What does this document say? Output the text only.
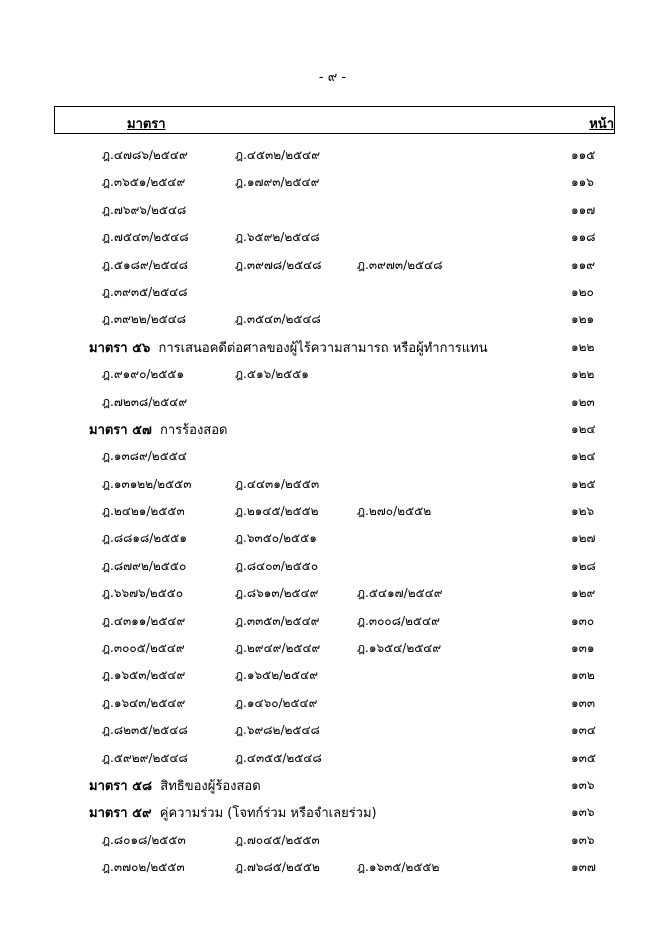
- ๙ -
มาตรา	หน้า
ฎ.๔๗๘๖/๒๕๔๙	ฎ.๔๕๓๒/๒๕๔๙	๑๑๕
ฎ.๓๖๕๑/๒๕๔๙	ฎ.๑๗๙๓/๒๕๔๙	๑๑๖
ฎ.๗๖๙๖/๒๕๔๘	๑๑๗
ฎ.๗๕๔๓/๒๕๔๘	ฎ.๖๕๙๒/๒๕๔๘	๑๑๘
ฎ.๕๑๘๙/๒๕๔๘	ฎ.๓๙๗๘/๒๕๔๘	ฎ.๓๙๗๓/๒๕๔๘	๑๑๙
ฎ.๓๙๓๕/๒๕๔๘	๑๒๐
ฎ.๓๙๒๒/๒๕๔๘	ฎ.๓๕๔๓/๒๕๔๘	๑๒๑
มาตรา ๕๖ การเสนอคดีต่อศาลของผู้ไร้ความสามารถ หรือผู้ทำการแทน	๑๒๒
ฎ.๙๑๙๐/๒๕๕๑	ฎ.๕๑๖/๒๕๕๑	๑๒๒
ฎ.๗๒๓๘/๒๕๔๙	๑๒๓
มาตรา ๕๗ การร้องสอด	๑๒๔
ฎ.๑๓๘๙/๒๕๕๔	๑๒๔
ฎ.๑๓๑๒๒/๒๕๕๓	ฎ.๔๔๓๑/๒๕๕๓	๑๒๕
ฎ.๒๔๒๑/๒๕๕๓	ฎ.๒๑๔๕/๒๕๕๒	ฎ.๒๗๐/๒๕๕๒	๑๒๖
ฎ.๘๘๑๘/๒๕๕๑	ฎ.๖๓๕๐/๒๕๕๑	๑๒๗
ฎ.๘๗๙๒/๒๕๕๐	ฎ.๘๔๐๓/๒๕๕๐	๑๒๘
ฎ.๖๖๗๖/๒๕๕๐	ฎ.๘๖๑๓/๒๕๔๙	ฎ.๕๔๑๗/๒๕๔๙	๑๒๙
ฎ.๔๓๑๑/๒๕๔๙	ฎ.๓๓๕๓/๒๕๔๙	ฎ.๓๐๐๘/๒๕๔๙	๑๓๐
ฎ.๓๐๐๕/๒๕๔๙	ฎ.๒๙๔๙/๒๕๔๙	ฎ.๑๖๕๔/๒๕๔๙	๑๓๑
ฎ.๑๖๕๓/๒๕๔๙	ฎ.๑๖๕๒/๒๕๔๙	๑๓๒
ฎ.๑๖๔๓/๒๕๔๙	ฎ.๑๔๖๐/๒๕๔๙	๑๓๓
ฎ.๘๒๓๕/๒๕๔๘	ฎ.๖๙๘๒/๒๕๔๘	๑๓๔
ฎ.๕๙๒๙/๒๕๔๘	ฎ.๔๓๕๕/๒๕๔๘	๑๓๕
มาตรา ๕๘ สิทธิของผู้ร้องสอด	๑๓๖
มาตรา ๕๙ คู่ความร่วม (โจทก์ร่วม หรือจำเลยร่วม)	๑๓๖
ฎ.๘๐๑๘/๒๕๕๓	ฎ.๗๐๔๕/๒๕๕๓	๑๓๖
ฎ.๓๗๐๒/๒๕๕๓	ฎ.๗๖๘๕/๒๕๕๒	ฎ.๑๖๓๕/๒๕๕๒	๑๓๗
